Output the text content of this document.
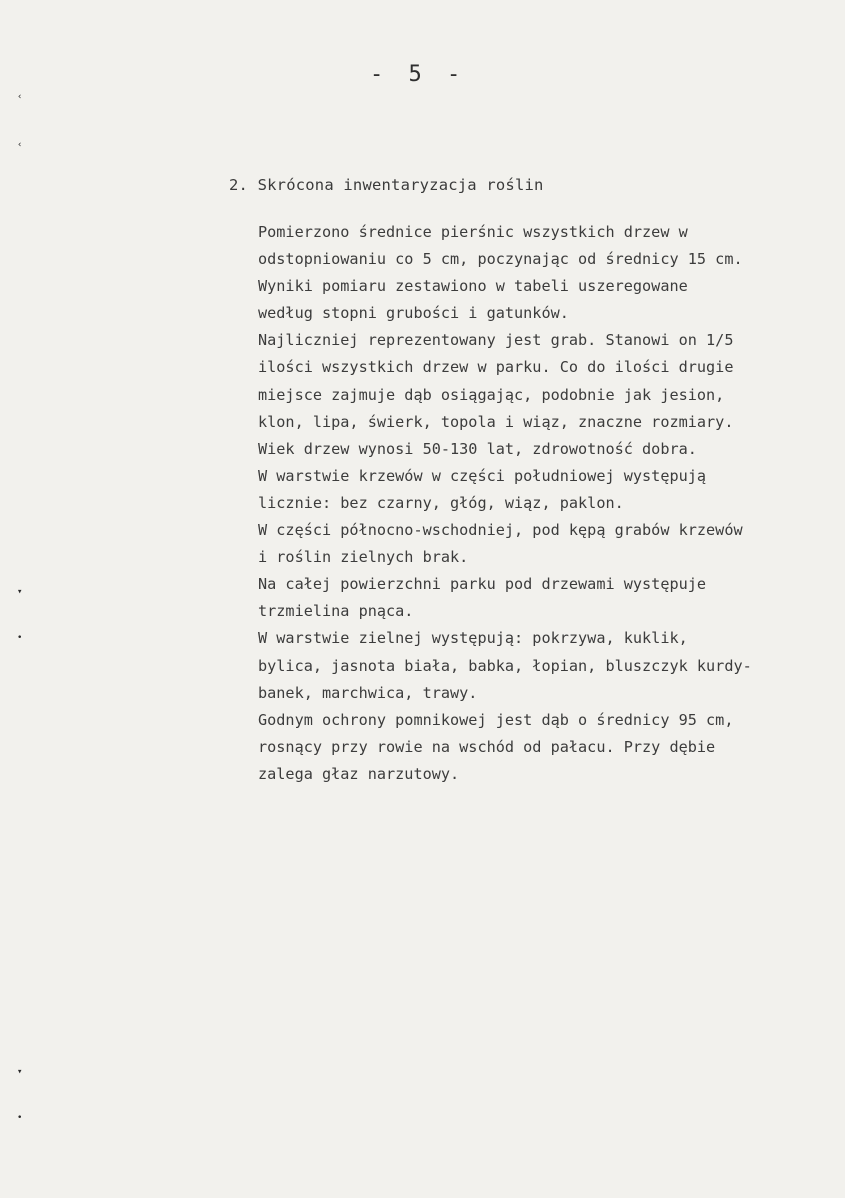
- 5 -
2. Skrócona inwentaryzacja roślin
Pomierzono średnice pierśnic wszystkich drzew w
odstopniowaniu co 5 cm, poczynając od średnicy 15 cm.
Wyniki pomiaru zestawiono w tabeli uszeregowane
według stopni grubości i gatunków.
Najliczniej reprezentowany jest grab. Stanowi on 1/5
ilości wszystkich drzew w parku. Co do ilości drugie
miejsce zajmuje dąb osiągając, podobnie jak jesion,
klon, lipa, świerk, topola i wiąz, znaczne rozmiary.
Wiek drzew wynosi 50-130 lat, zdrowotność dobra.
W warstwie krzewów w części południowej występują
licznie: bez czarny, głóg, wiąz, paklon.
W części północno-wschodniej, pod kępą grabów krzewów
i roślin zielnych brak.
Na całej powierzchni parku pod drzewami występuje
trzmielina pnąca.
W warstwie zielnej występują: pokrzywa, kuklik,
bylica, jasnota biała, babka, łopian, bluszczyk kurdy-
banek, marchwica, trawy.
Godnym ochrony pomnikowej jest dąb o średnicy 95 cm,
rosnący przy rowie na wschód od pałacu. Przy dębie
zalega głaz narzutowy.
‹
‹
▾
•
▾
•
